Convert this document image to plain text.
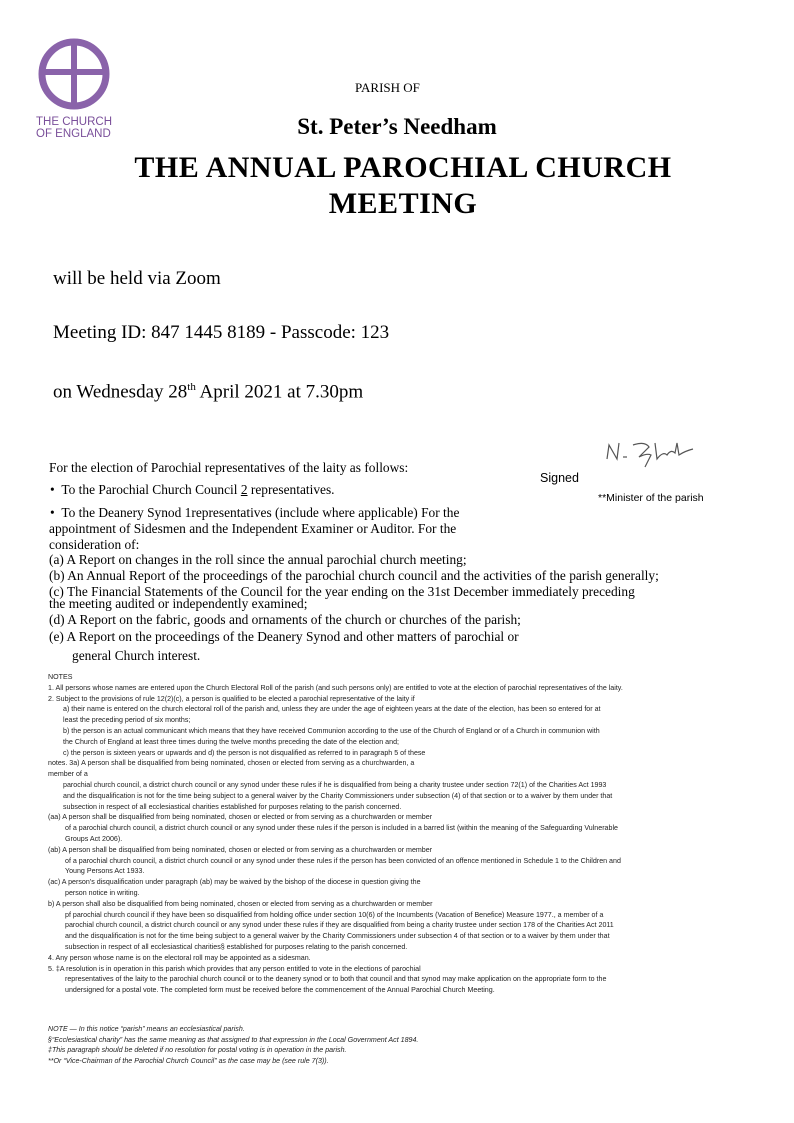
THE CHURCH
OF ENGLAND
PARISH OF
St. Peter’s Needham
THE ANNUAL PAROCHIAL CHURCH MEETING
will be held via Zoom
Meeting ID: 847 1445 8189 - Passcode: 123
on Wednesday 28th April 2021 at 7.30pm
Signed
**Minister of the parish
For the election of Parochial representatives of the laity as follows:
•  To the Parochial Church Council 2 representatives.
•  To the Deanery Synod 1representatives (include where applicable) For the
appointment of Sidesmen and the Independent Examiner or Auditor. For the
consideration of:
(a) A Report on changes in the roll since the annual parochial church meeting;
(b) An Annual Report of the proceedings of the parochial church council and the activities of the parish generally;
(c) The Financial Statements of the Council for the year ending on the 31st December immediately preceding
the meeting audited or independently examined;
(d) A Report on the fabric, goods and ornaments of the church or churches of the parish;
(e) A Report on the proceedings of the Deanery Synod and other matters of parochial or
general Church interest.
NOTES
1. All persons whose names are entered upon the Church Electoral Roll of the parish (and such persons only) are entitled to vote at the election of parochial representatives of the laity.
2. Subject to the provisions of rule 12(2)(c), a person is qualified to be elected a parochial representative of the laity if
a) their name is entered on the church electoral roll of the parish and, unless they are under the age of eighteen years at the date of the election, has been so entered for at
least the preceding period of six months;
b) the person is an actual communicant which means that they have received Communion according to the use of the Church of England or of a Church in communion with
the Church of England at least three times during the twelve months preceding the date of the election and;
c) the person is sixteen years or upwards and d) the person is not disqualified as referred to in paragraph 5 of these
notes. 3a) A person shall be disqualified from being nominated, chosen or elected from serving as a churchwarden, a
member of a
parochial church council, a district church council or any synod under these rules if he is disqualified from being a charity trustee under section 72(1) of the Charities Act 1993
and the disqualification is not for the time being subject to a general waiver by the Charity Commissioners under subsection (4) of that section or to a waiver by them under that
subsection in respect of all ecclesiastical charities established for purposes relating to the parish concerned.
(aa) A person shall be disqualified from being nominated, chosen or elected or from serving as a churchwarden or member
of a parochial church council, a district church council or any synod under these rules if the person is included in a barred list (within the meaning of the Safeguarding Vulnerable
Groups Act 2006).
(ab) A person shall be disqualified from being nominated, chosen or elected or from serving as a churchwarden or member
of a parochial church council, a district church council or any synod under these rules if the person has been convicted of an offence mentioned in Schedule 1 to the Children and
Young Persons Act 1933.
(ac) A person’s disqualification under paragraph (ab) may be waived by the bishop of the diocese in question giving the
person notice in writing.
b) A person shall also be disqualified from being nominated, chosen or elected from serving as a churchwarden or member
pf parochial church council if they have been so disqualified from holding office under section 10(6) of the Incumbents (Vacation of Benefice) Measure 1977., a member of a
parochial church council, a district church council or any synod under these rules if they are disqualified from being a charity trustee under section 178 of the Charities Act 2011
and the disqualification is not for the time being subject to a general waiver by the Charity Commissioners under subsection 4 of that section or to a waiver by them under that
subsection in respect of all ecclesiastical charities§ established for purposes relating to the parish concerned.
4. Any person whose name is on the electoral roll may be appointed as a sidesman.
5. ‡A resolution is in operation in this parish which provides that any person entitled to vote in the elections of parochial
representatives of the laity to the parochial church council or to the deanery synod or to both that council and that synod may make application on the appropriate form to the
undersigned for a postal vote. The completed form must be received before the commencement of the Annual Parochial Church Meeting.
NOTE — In this notice “parish” means an ecclesiastical parish.
§“Ecclesiastical charity” has the same meaning as that assigned to that expression in the Local Government Act 1894.
‡This paragraph should be deleted if no resolution for postal voting is in operation in the parish.
**Or “Vice-Chairman of the Parochial Church Council” as the case may be (see rule 7(3)).
